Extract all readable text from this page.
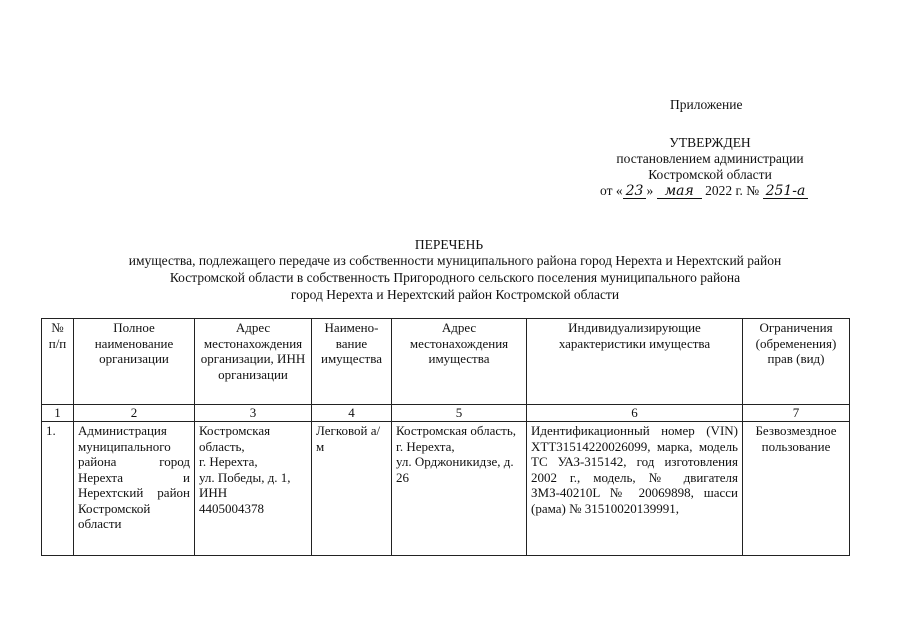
Приложение
УТВЕРЖДЕН
постановлением администрации
Костромской области
от « 23 » мая 2022 г. № 251-а
ПЕРЕЧЕНЬ
имущества, подлежащего передаче из собственности муниципального района город Нерехта и Нерехтский район
Костромской области в собственность Пригородного сельского поселения муниципального района
город Нерехта и Нерехтский район Костромской области
№ п/п	Полное наименование организации	Адрес местонахождения организации, ИНН организации	Наимено-вание имущества	Адрес местонахождения имущества	Индивидуализирующие характеристики имущества	Ограничения (обременения) прав (вид)
1	2	3	4	5	6	7
1.	Администрация муниципального района город Нерехта и Нерехтский район Костромской области	Костромская область,
г. Нерехта,
ул. Победы, д. 1,
ИНН
4405004378	Легковой а/м	Костромская область,
г. Нерехта,
ул. Орджоникидзе, д. 26	Идентификационный номер (VIN) ХТТ31514220026099, марка, модель ТС УАЗ-315142, год изготовления 2002 г., модель, № двигателя ЗМЗ-40210L № 20069898, шасси (рама) № 31510020139991,	Безвозмездное пользование
